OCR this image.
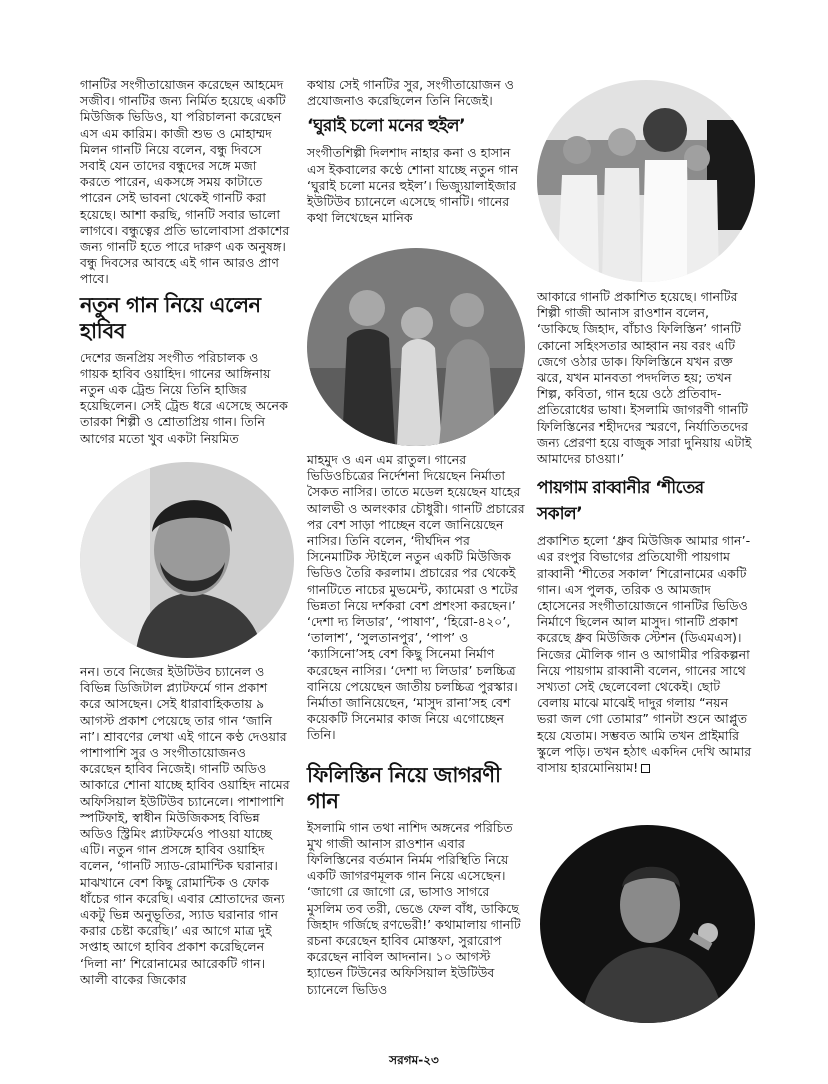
গানটির সংগীতায়োজন করেছেন আহমেদ সজীব। গানটির জন্য নির্মিত হয়েছে একটি মিউজিক ভিডিও, যা পরিচালনা করেছেন এস এম কারিম। কাজী শুভ ও মোহাম্মদ মিলন গানটি নিয়ে বলেন, বন্ধু দিবসে সবাই যেন তাদের বন্ধুদের সঙ্গে মজা করতে পারেন, একসঙ্গে সময় কাটাতে পারেন সেই ভাবনা থেকেই গানটি করা হয়েছে। আশা করছি, গানটি সবার ভালো লাগবে। বন্ধুত্বের প্রতি ভালোবাসা প্রকাশের জন্য গানটি হতে পারে দারুণ এক অনুষঙ্গ। বন্ধু দিবসের আবহে এই গান আরও প্রাণ পাবে।

নতুন গান নিয়ে এলেন হাবিব

দেশের জনপ্রিয় সংগীত পরিচালক ও গায়ক হাবিব ওয়াহিদ। গানের আঙ্গিনায় নতুন এক ট্রেন্ড নিয়ে তিনি হাজির হয়েছিলেন। সেই ট্রেন্ড ধরে এসেছে অনেক তারকা শিল্পী ও শ্রোতাপ্রিয় গান। তিনি আগের মতো খুব একটা নিয়মিত

নন। তবে নিজের ইউটিউব চ্যানেল ও বিভিন্ন ডিজিটাল প্ল্যাটফর্মে গান প্রকাশ করে আসছেন। সেই ধারাবাহিকতায় ৯ আগস্ট প্রকাশ পেয়েছে তার গান ‘জানি না’। শ্রাবণের লেখা এই গানে কণ্ঠ দেওয়ার পাশাপাশি সুর ও সংগীতায়োজনও করেছেন হাবিব নিজেই। গানটি অডিও আকারে শোনা যাচ্ছে হাবিব ওয়াহিদ নামের অফিসিয়াল ইউটিউব চ্যানেলে। পাশাপাশি স্পটিফাই, স্বাধীন মিউজিকসহ বিভিন্ন অডিও স্ট্রিমিং প্ল্যাটফর্মেও পাওয়া যাচ্ছে এটি। নতুন গান প্রসঙ্গে হাবিব ওয়াহিদ বলেন, ‘গানটি স্যাড-রোমান্টিক ঘরানার। মাঝখানে বেশ কিছু রোমান্টিক ও ফোক ধাঁচের গান করেছি। এবার শ্রোতাদের জন্য একটু ভিন্ন অনুভূতির, স্যাড ঘরানার গান করার চেষ্টা করেছি।’ এর আগে মাত্র দুই সপ্তাহ আগে হাবিব প্রকাশ করেছিলেন ‘দিলা না’ শিরোনামের আরেকটি গান। আলী বাকের জিকোর

কথায় সেই গানটির সুর, সংগীতায়োজন ও প্রযোজনাও করেছিলেন তিনি নিজেই।

‘ঘুরাই চলো মনের হুইল’

সংগীতশিল্পী দিলশাদ নাহার কনা ও হাসান এস ইকবালের কণ্ঠে শোনা যাচ্ছে নতুন গান ‘ঘুরাই চলো মনের হুইল’। ভিজ্যুয়ালাইজার ইউটিউব চ্যানেলে এসেছে গানটি। গানের কথা লিখেছেন মানিক

মাহমুদ ও এন এম রাতুল। গানের ভিডিওচিত্রের নির্দেশনা দিয়েছেন নির্মাতা সৈকত নাসির। তাতে মডেল হয়েছেন যাহের আলভী ও অলংকার চৌধুরী। গানটি প্রচারের পর বেশ সাড়া পাচ্ছেন বলে জানিয়েছেন নাসির। তিনি বলেন, ‘দীর্ঘদিন পর সিনেমাটিক স্টাইলে নতুন একটি মিউজিক ভিডিও তৈরি করলাম। প্রচারের পর থেকেই গানটিতে নাচের মুভমেন্ট, ক্যামেরা ও শটের ভিন্নতা নিয়ে দর্শকরা বেশ প্রশংসা করছেন।’ ‘দেশা দ্য লিডার’, ‘পাষাণ’, ‘হিরো-৪২০’, ‘তালাশ’, ‘সুলতানপুর’, ‘পাপ’ ও ‘ক্যাসিনো’সহ বেশ কিছু সিনেমা নির্মাণ করেছেন নাসির। ‘দেশা দ্য লিডার’ চলচ্চিত্র বানিয়ে পেয়েছেন জাতীয় চলচ্চিত্র পুরস্কার। নির্মাতা জানিয়েছেন, ‘মাসুদ রানা’সহ বেশ কয়েকটি সিনেমার কাজ নিয়ে এগোচ্ছেন তিনি।

ফিলিস্তিন নিয়ে জাগরণী গান

ইসলামি গান তথা নাশিদ অঙ্গনের পরিচিত মুখ গাজী আনাস রাওশান এবার ফিলিস্তিনের বর্তমান নির্মম পরিস্থিতি নিয়ে একটি জাগরণমূলক গান নিয়ে এসেছেন। ‘জাগো রে জাগো রে, ভাসাও সাগরে মুসলিম তব তরী, ভেঙে ফেল বাঁধ, ডাকিছে জিহাদ গর্জিছে রণভেরী!’ কথামালায় গানটি রচনা করেছেন হাবিব মোস্তফা, সুরারোপ করেছেন নাবিল আদনান। ১০ আগস্ট হ্যাভেন টিউনের অফিসিয়াল ইউটিউব চ্যানেলে ভিডিও

আকারে গানটি প্রকাশিত হয়েছে। গানটির শিল্পী গাজী আনাস রাওশান বলেন, ‘ডাকিছে জিহাদ, বাঁচাও ফিলিস্তিন’ গানটি কোনো সহিংসতার আহ্বান নয় বরং এটি জেগে ওঠার ডাক। ফিলিস্তিনে যখন রক্ত ঝরে, যখন মানবতা পদদলিত হয়; তখন শিল্প, কবিতা, গান হয়ে ওঠে প্রতিবাদ-প্রতিরোধের ভাষা। ইসলামি জাগরণী গানটি ফিলিস্তিনের শহীদদের স্মরণে, নির্যাতিতদের জন্য প্রেরণা হয়ে বাজুক সারা দুনিয়ায় এটাই আমাদের চাওয়া।’

পায়গাম রাব্বানীর ‘শীতের সকাল’

প্রকাশিত হলো ‘ধ্রুব মিউজিক আমার গান’-এর রংপুর বিভাগের প্রতিযোগী পায়গাম রাব্বানী ‘শীতের সকাল’ শিরোনামের একটি গান। এস পুলক, তরিক ও আমজাদ হোসেনের সংগীতায়োজনে গানটির ভিডিও নির্মাণে ছিলেন আল মাসুদ। গানটি প্রকাশ করেছে ধ্রুব মিউজিক স্টেশন (ডিএমএস)। নিজের মৌলিক গান ও আগামীর পরিকল্পনা নিয়ে পায়গাম রাব্বানী বলেন, গানের সাথে সখ্যতা সেই ছেলেবেলা থেকেই। ছোট বেলায় মাঝে মাঝেই দাদুর গলায় “নয়ন ভরা জল গো তোমার” গানটা শুনে আপ্লুত হয়ে যেতাম। সম্ভবত আমি তখন প্রাইমারি স্কুলে পড়ি। তখন হঠাৎ একদিন দেখি আমার বাসায় হারমোনিয়াম!

সরগম-২৩
